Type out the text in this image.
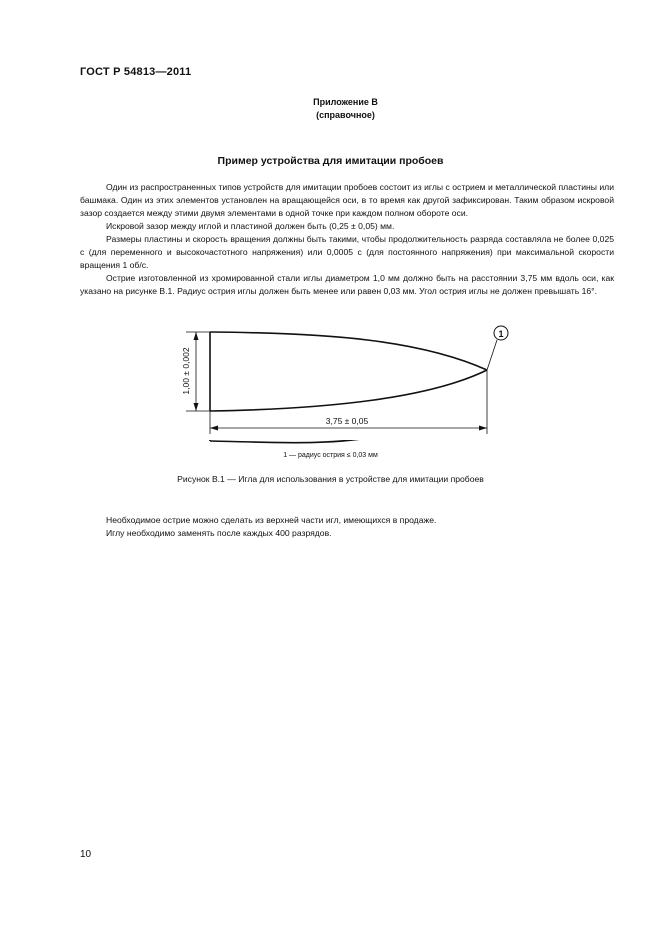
ГОСТ Р 54813—2011
Приложение В
(справочное)
Пример устройства для имитации пробоев

Один из распространенных типов устройств для имитации пробоев состоит из иглы с острием и металлической пластины или башмака. Один из этих элементов установлен на вращающейся оси, в то время как другой зафиксирован. Таким образом искровой зазор создается между этими двумя элементами в одной точке при каждом полном обороте оси.

Искровой зазор между иглой и пластиной должен быть (0,25 ± 0,05) мм.

Размеры пластины и скорость вращения должны быть такими, чтобы продолжительность разряда составляла не более 0,025 с (для переменного и высокочастотного напряжения) или 0,0005 с (для постоянного напряжения) при максимальной скорости вращения 1 об/с.

Острие изготовленной из хромированной стали иглы диаметром 1,0 мм должно быть на расстоянии 3,75 мм вдоль оси, как указано на рисунке В.1. Радиус острия иглы должен быть менее или равен 0,03 мм. Угол острия иглы не должен превышать 16°.

3,75 ± 0,05
1,00 ± 0,002
1
1 — радиус острия ≤ 0,03 мм
Рисунок В.1 — Игла для использования в устройстве для имитации пробоев

Необходимое острие можно сделать из верхней части игл, имеющихся в продаже.

Иглу необходимо заменять после каждых 400 разрядов.

10
